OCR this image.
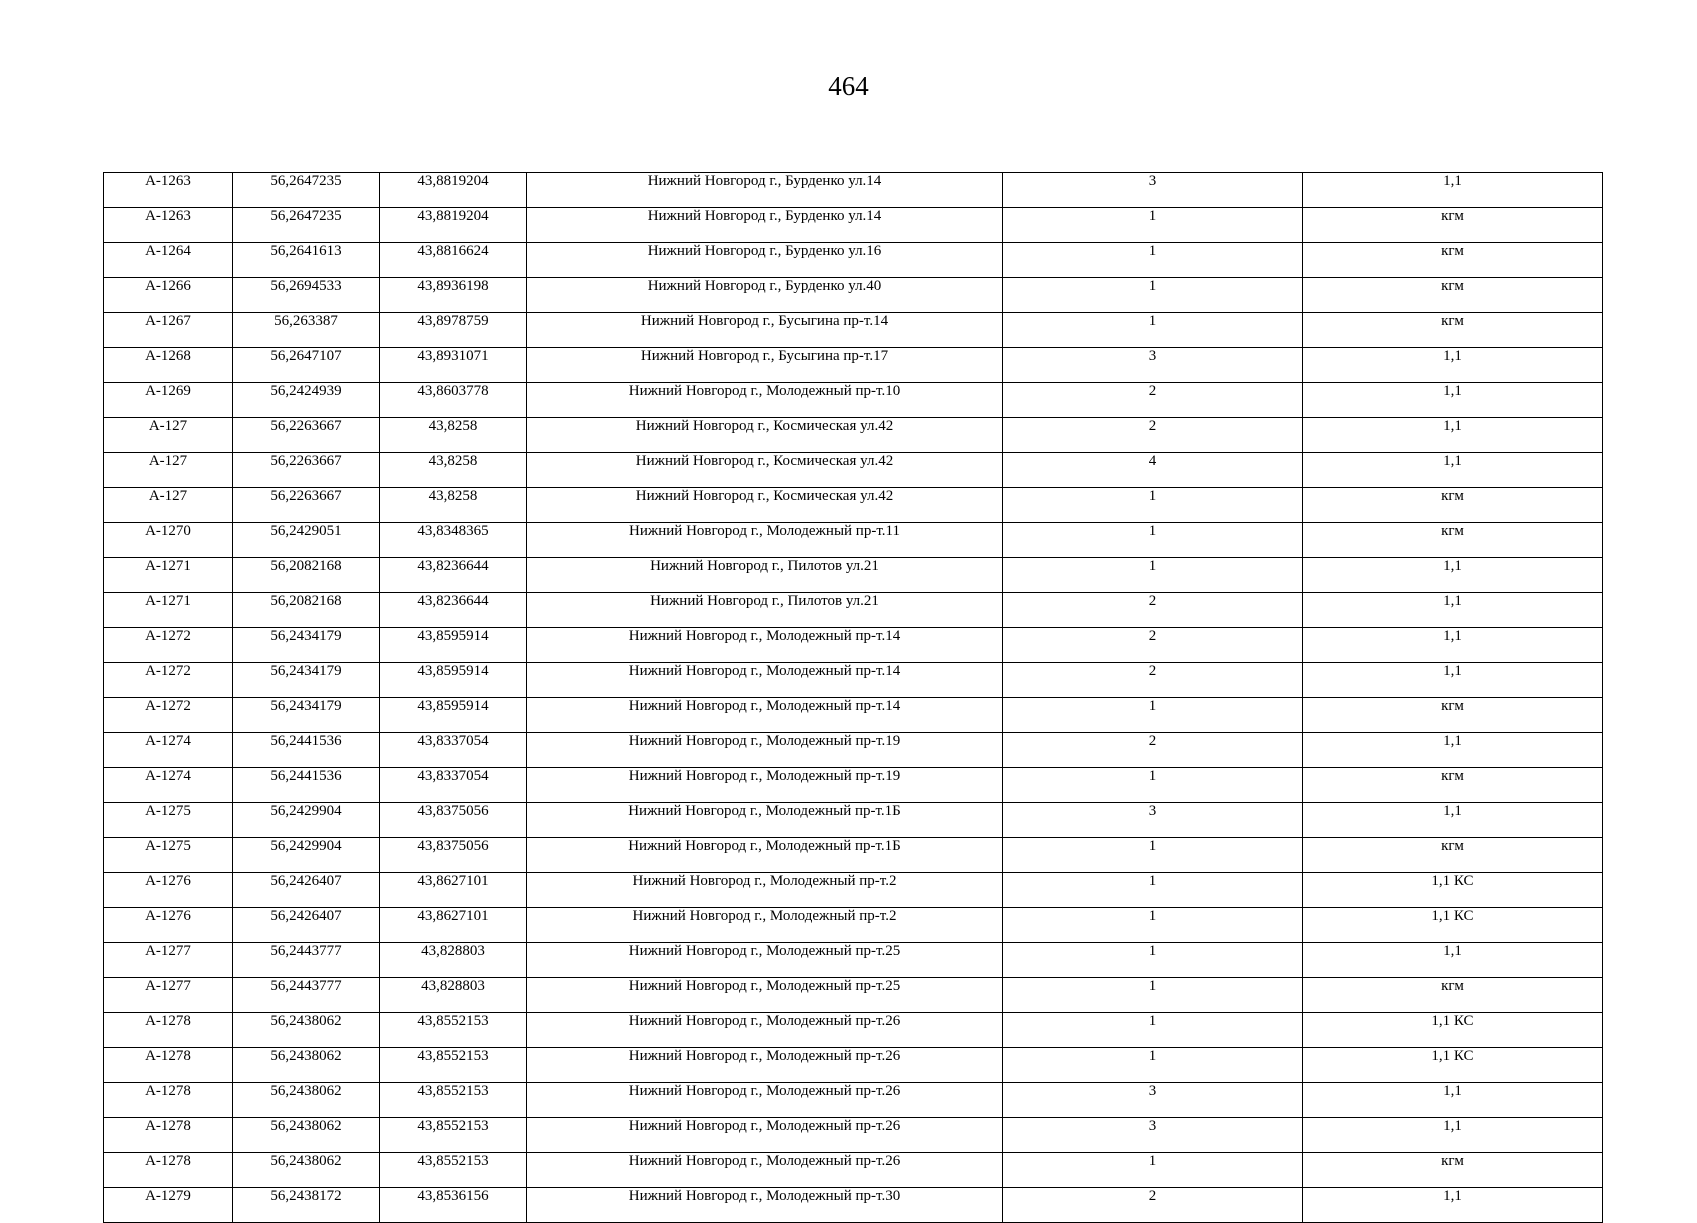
464
А-1263	56,2647235	43,8819204	Нижний Новгород г., Бурденко ул.14	3	1,1
А-1263	56,2647235	43,8819204	Нижний Новгород г., Бурденко ул.14	1	кгм
А-1264	56,2641613	43,8816624	Нижний Новгород г., Бурденко ул.16	1	кгм
А-1266	56,2694533	43,8936198	Нижний Новгород г., Бурденко ул.40	1	кгм
А-1267	56,263387	43,8978759	Нижний Новгород г., Бусыгина пр-т.14	1	кгм
А-1268	56,2647107	43,8931071	Нижний Новгород г., Бусыгина пр-т.17	3	1,1
А-1269	56,2424939	43,8603778	Нижний Новгород г., Молодежный пр-т.10	2	1,1
А-127	56,2263667	43,8258	Нижний Новгород г., Космическая ул.42	2	1,1
А-127	56,2263667	43,8258	Нижний Новгород г., Космическая ул.42	4	1,1
А-127	56,2263667	43,8258	Нижний Новгород г., Космическая ул.42	1	кгм
А-1270	56,2429051	43,8348365	Нижний Новгород г., Молодежный пр-т.11	1	кгм
А-1271	56,2082168	43,8236644	Нижний Новгород г., Пилотов ул.21	1	1,1
А-1271	56,2082168	43,8236644	Нижний Новгород г., Пилотов ул.21	2	1,1
А-1272	56,2434179	43,8595914	Нижний Новгород г., Молодежный пр-т.14	2	1,1
А-1272	56,2434179	43,8595914	Нижний Новгород г., Молодежный пр-т.14	2	1,1
А-1272	56,2434179	43,8595914	Нижний Новгород г., Молодежный пр-т.14	1	кгм
А-1274	56,2441536	43,8337054	Нижний Новгород г., Молодежный пр-т.19	2	1,1
А-1274	56,2441536	43,8337054	Нижний Новгород г., Молодежный пр-т.19	1	кгм
А-1275	56,2429904	43,8375056	Нижний Новгород г., Молодежный пр-т.1Б	3	1,1
А-1275	56,2429904	43,8375056	Нижний Новгород г., Молодежный пр-т.1Б	1	кгм
А-1276	56,2426407	43,8627101	Нижний Новгород г., Молодежный пр-т.2	1	1,1 КС
А-1276	56,2426407	43,8627101	Нижний Новгород г., Молодежный пр-т.2	1	1,1 КС
А-1277	56,2443777	43,828803	Нижний Новгород г., Молодежный пр-т.25	1	1,1
А-1277	56,2443777	43,828803	Нижний Новгород г., Молодежный пр-т.25	1	кгм
А-1278	56,2438062	43,8552153	Нижний Новгород г., Молодежный пр-т.26	1	1,1 КС
А-1278	56,2438062	43,8552153	Нижний Новгород г., Молодежный пр-т.26	1	1,1 КС
А-1278	56,2438062	43,8552153	Нижний Новгород г., Молодежный пр-т.26	3	1,1
А-1278	56,2438062	43,8552153	Нижний Новгород г., Молодежный пр-т.26	3	1,1
А-1278	56,2438062	43,8552153	Нижний Новгород г., Молодежный пр-т.26	1	кгм
А-1279	56,2438172	43,8536156	Нижний Новгород г., Молодежный пр-т.30	2	1,1
